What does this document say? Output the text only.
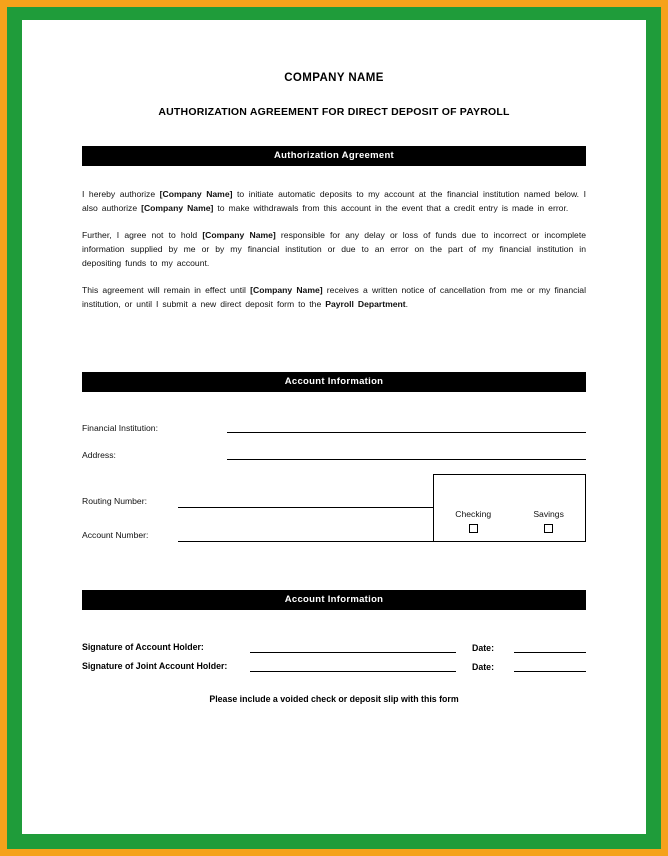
COMPANY NAME
AUTHORIZATION AGREEMENT FOR DIRECT DEPOSIT OF PAYROLL
Authorization Agreement

I hereby authorize [Company Name] to initiate automatic deposits to my account at the financial institution named below. I also authorize [Company Name] to make withdrawals from this account in the event that a credit entry is made in error.

Further, I agree not to hold [Company Name] responsible for any delay or loss of funds due to incorrect or incomplete information supplied by me or by my financial institution or due to an error on the part of my financial institution in depositing funds to my account.

This agreement will remain in effect until [Company Name] receives a written notice of cancellation from me or my financial institution, or until I submit a new direct deposit form to the Payroll Department.

Account Information
Financial Institution:
Address:
Routing Number:
Account Number:
Checking	Savings
Account Information
Signature of Account Holder:	Date:
Signature of Joint Account Holder:	Date:
Please include a voided check or deposit slip with this form
